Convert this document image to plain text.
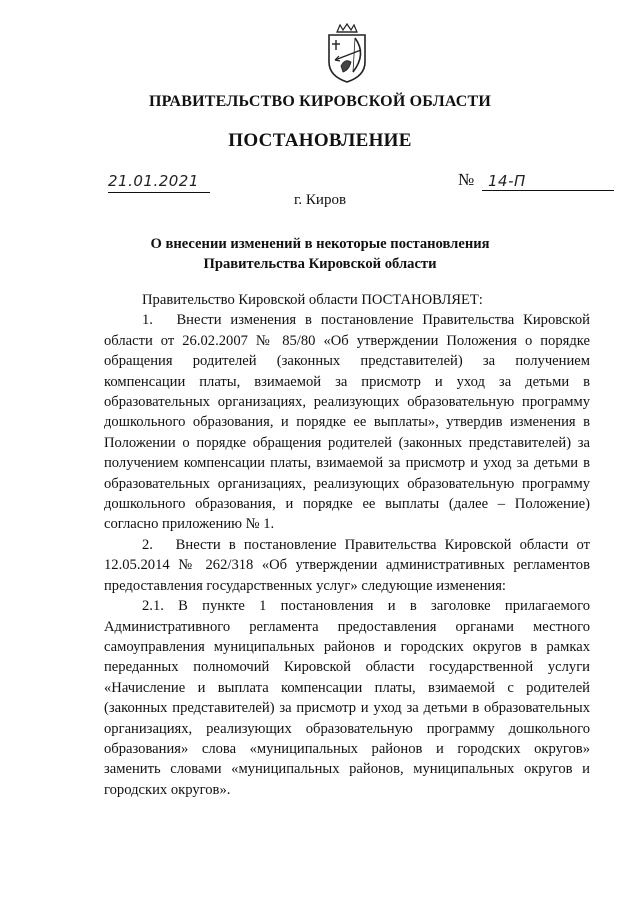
ПРАВИТЕЛЬСТВО КИРОВСКОЙ ОБЛАСТИ
ПОСТАНОВЛЕНИЕ
21.01.2021	№ 14-П
г. Киров
О внесении изменений в некоторые постановления Правительства Кировской области

Правительство Кировской области ПОСТАНОВЛЯЕТ:

1.  Внести изменения в постановление Правительства Кировской области от 26.02.2007 № 85/80 «Об утверждении Положения о порядке обращения родителей (законных представителей) за получением компенсации платы, взимаемой за присмотр и уход за детьми в образовательных организациях, реализующих образовательную программу дошкольного образования, и порядке ее выплаты», утвердив изменения в Положении о порядке обращения родителей (законных представителей) за получением компенсации платы, взимаемой за присмотр и уход за детьми в образовательных организациях, реализующих образовательную программу дошкольного образования, и порядке ее выплаты (далее – Положение) согласно приложению № 1.

2.  Внести в постановление Правительства Кировской области от 12.05.2014 № 262/318 «Об утверждении административных регламентов предоставления государственных услуг» следующие изменения:

2.1. В пункте 1 постановления и в заголовке прилагаемого Административного регламента предоставления органами местного самоуправления муниципальных районов и городских округов в рамках переданных полномочий Кировской области государственной услуги «Начисление и выплата компенсации платы, взимаемой с родителей (законных представителей) за присмотр и уход за детьми в образовательных организациях, реализующих образовательную программу дошкольного образования» слова «муниципальных районов и городских округов» заменить словами «муниципальных районов, муниципальных округов и городских округов».
